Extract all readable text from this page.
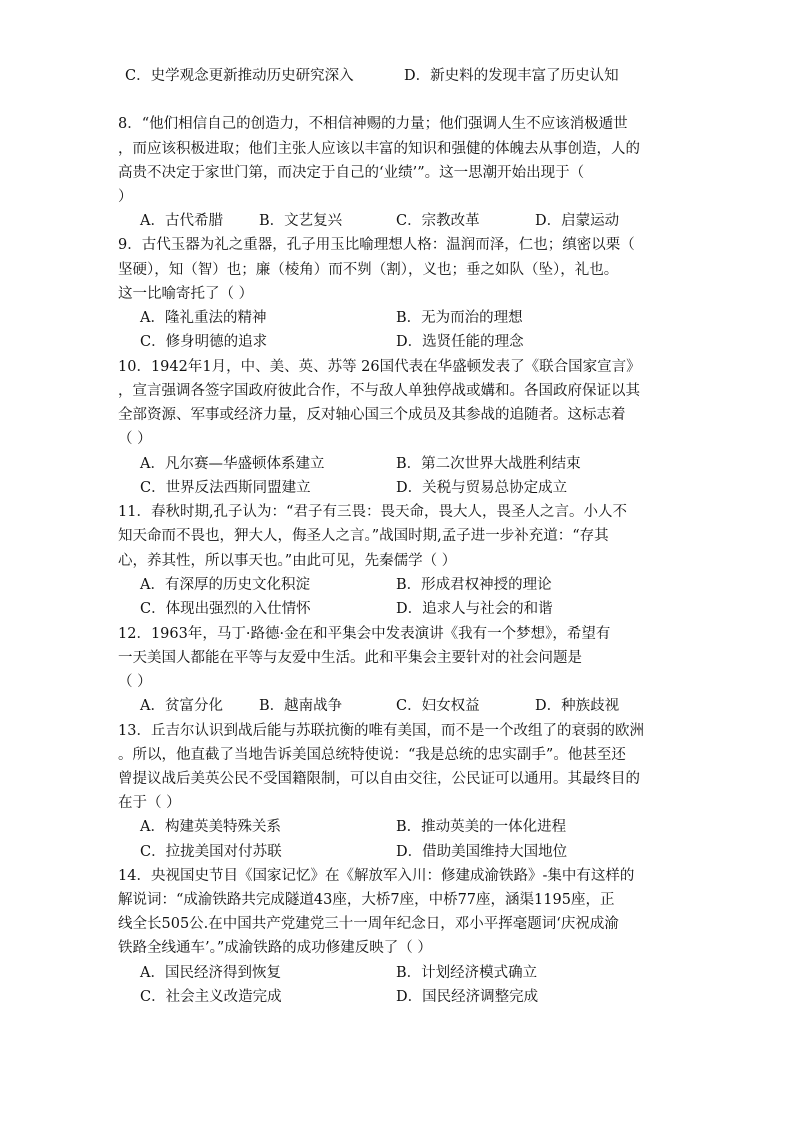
C．史学观念更新推动历史研究深入	D．新史料的发现丰富了历史认知
8．“他们相信自己的创造力，不相信神赐的力量；他们强调人生不应该消极遁世
，而应该积极进取；他们主张人应该以丰富的知识和强健的体魄去从事创造，人的
高贵不决定于家世门第，而决定于自己的‘业绩’”。这一思潮开始出现于（
）
A．古代希腊 B．文艺复兴	C．宗教改革	D．启蒙运动
9．古代玉器为礼之重器，孔子用玉比喻理想人格：温润而泽，仁也；缜密以栗（
坚硬），知（智）也；廉（棱角）而不刿（割），义也；垂之如队（坠），礼也。
这一比喻寄托了（ ）
A．隆礼重法的精神	B．无为而治的理想
C．修身明德的追求	D．选贤任能的理念
10．1942年1月，中、美、英、苏等 26国代表在华盛顿发表了《联合国家宣言》
，宣言强调各签字国政府彼此合作，不与敌人单独停战或媾和。各国政府保证以其
全部资源、军事或经济力量，反对轴心国三个成员及其参战的追随者。这标志着
（ ）
A．凡尔赛—华盛顿体系建立	B．第二次世界大战胜利结束
C．世界反法西斯同盟建立	D．关税与贸易总协定成立
11．春秋时期,孔子认为：“君子有三畏：畏天命，畏大人，畏圣人之言。小人不
知天命而不畏也，狎大人，侮圣人之言。”战国时期,孟子进一步补充道：“存其
心，养其性，所以事天也。”由此可见，先秦儒学（ ）
A．有深厚的历史文化积淀	B．形成君权神授的理论
C．体现出强烈的入仕情怀	D．追求人与社会的和谐
12．1963年，马丁·路德·金在和平集会中发表演讲《我有一个梦想》，希望有
一天美国人都能在平等与友爱中生活。此和平集会主要针对的社会问题是
（ ）
A．贫富分化 B．越南战争	C．妇女权益	D．种族歧视
13．丘吉尔认识到战后能与苏联抗衡的唯有美国，而不是一个改组了的衰弱的欧洲
。所以，他直截了当地告诉美国总统特使说：“我是总统的忠实副手”。他甚至还
曾提议战后美英公民不受国籍限制，可以自由交往，公民证可以通用。其最终目的
在于（ ）
A．构建英美特殊关系	B．推动英美的一体化进程
C．拉拢美国对付苏联	D．借助美国维持大国地位
14．央视国史节目《国家记忆》在《解放军入川：修建成渝铁路》-集中有这样的
解说词：“成渝铁路共完成隧道43座，大桥7座，中桥77座，涵渠1195座，正
线全长505公.在中国共产党建党三十一周年纪念日，邓小平挥毫题词‘庆祝成渝
铁路全线通车’。”成渝铁路的成功修建反映了（ ）
A．国民经济得到恢复	B．计划经济模式确立
C．社会主义改造完成	D．国民经济调整完成
